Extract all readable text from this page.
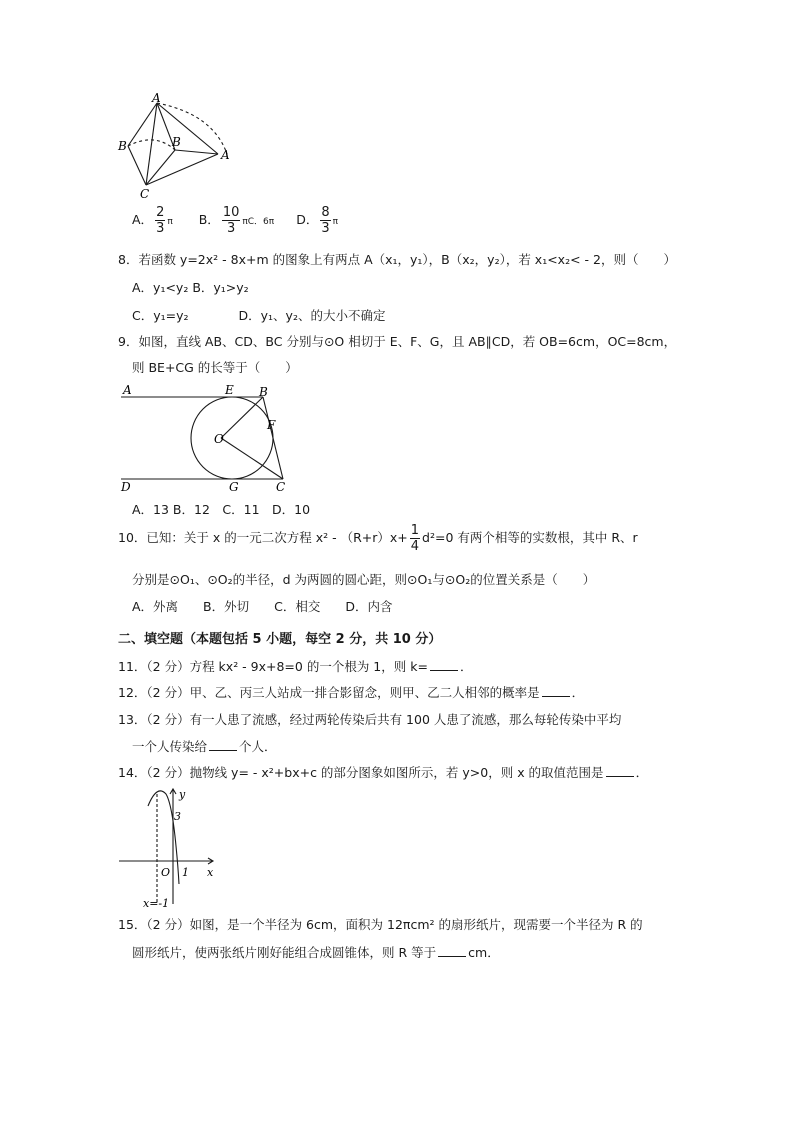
A
B	B
A
C
A． $\frac{2}{3}$ π B． $\frac{10}{3}$ πC．6π D． $\frac{8}{3}$ π
8．若函数 y=2x² - 8x+m 的图象上有两点 A（x₁，y₁），B（x₂，y₂），若 x₁<x₂< - 2，则（　　）
A．y₁<y₂ B．y₁>y₂
C．y₁=y₂　　　　D．y₁、y₂、的大小不确定
9．如图，直线 AB、CD、BC 分别与⊙O 相切于 E、F、G，且 AB∥CD，若 OB=6cm，OC=8cm，
则 BE+CG 的长等于（　　）
A	E B
F
O
D	G	C
A．13 B．12　C．11　D．10
10．已知：关于 x 的一元二次方程 $x^2 - (R+r)x+ \frac{1}{4} d^2=0$ 有两个相等的实数根，其中 R、r
分别是⊙O₁、⊙O₂的半径，d 为两圆的圆心距，则⊙O₁与⊙O₂的位置关系是（　　）
A．外离　　B．外切　　C．相交　　D．内含
二、填空题（本题包括 5 小题，每空 2 分，共 10 分）
11．（2 分）方程 kx² - 9x+8=0 的一个根为 1，则 k=	．
12．（2 分）甲、乙、丙三人站成一排合影留念，则甲、乙二人相邻的概率是	．
13．（2 分）有一人患了流感，经过两轮传染后共有 100 人患了流感，那么每轮传染中平均
一个人传染给	个人．
14．（2 分）抛物线 y= - x²+bx+c 的部分图象如图所示，若 y>0，则 x 的取值范围是	．
y
3
O 1 x
x=-1
15．（2 分）如图，是一个半径为 6cm，面积为 12πcm² 的扇形纸片，现需要一个半径为 R 的
圆形纸片，使两张纸片刚好能组合成圆锥体，则 R 等于	cm．
